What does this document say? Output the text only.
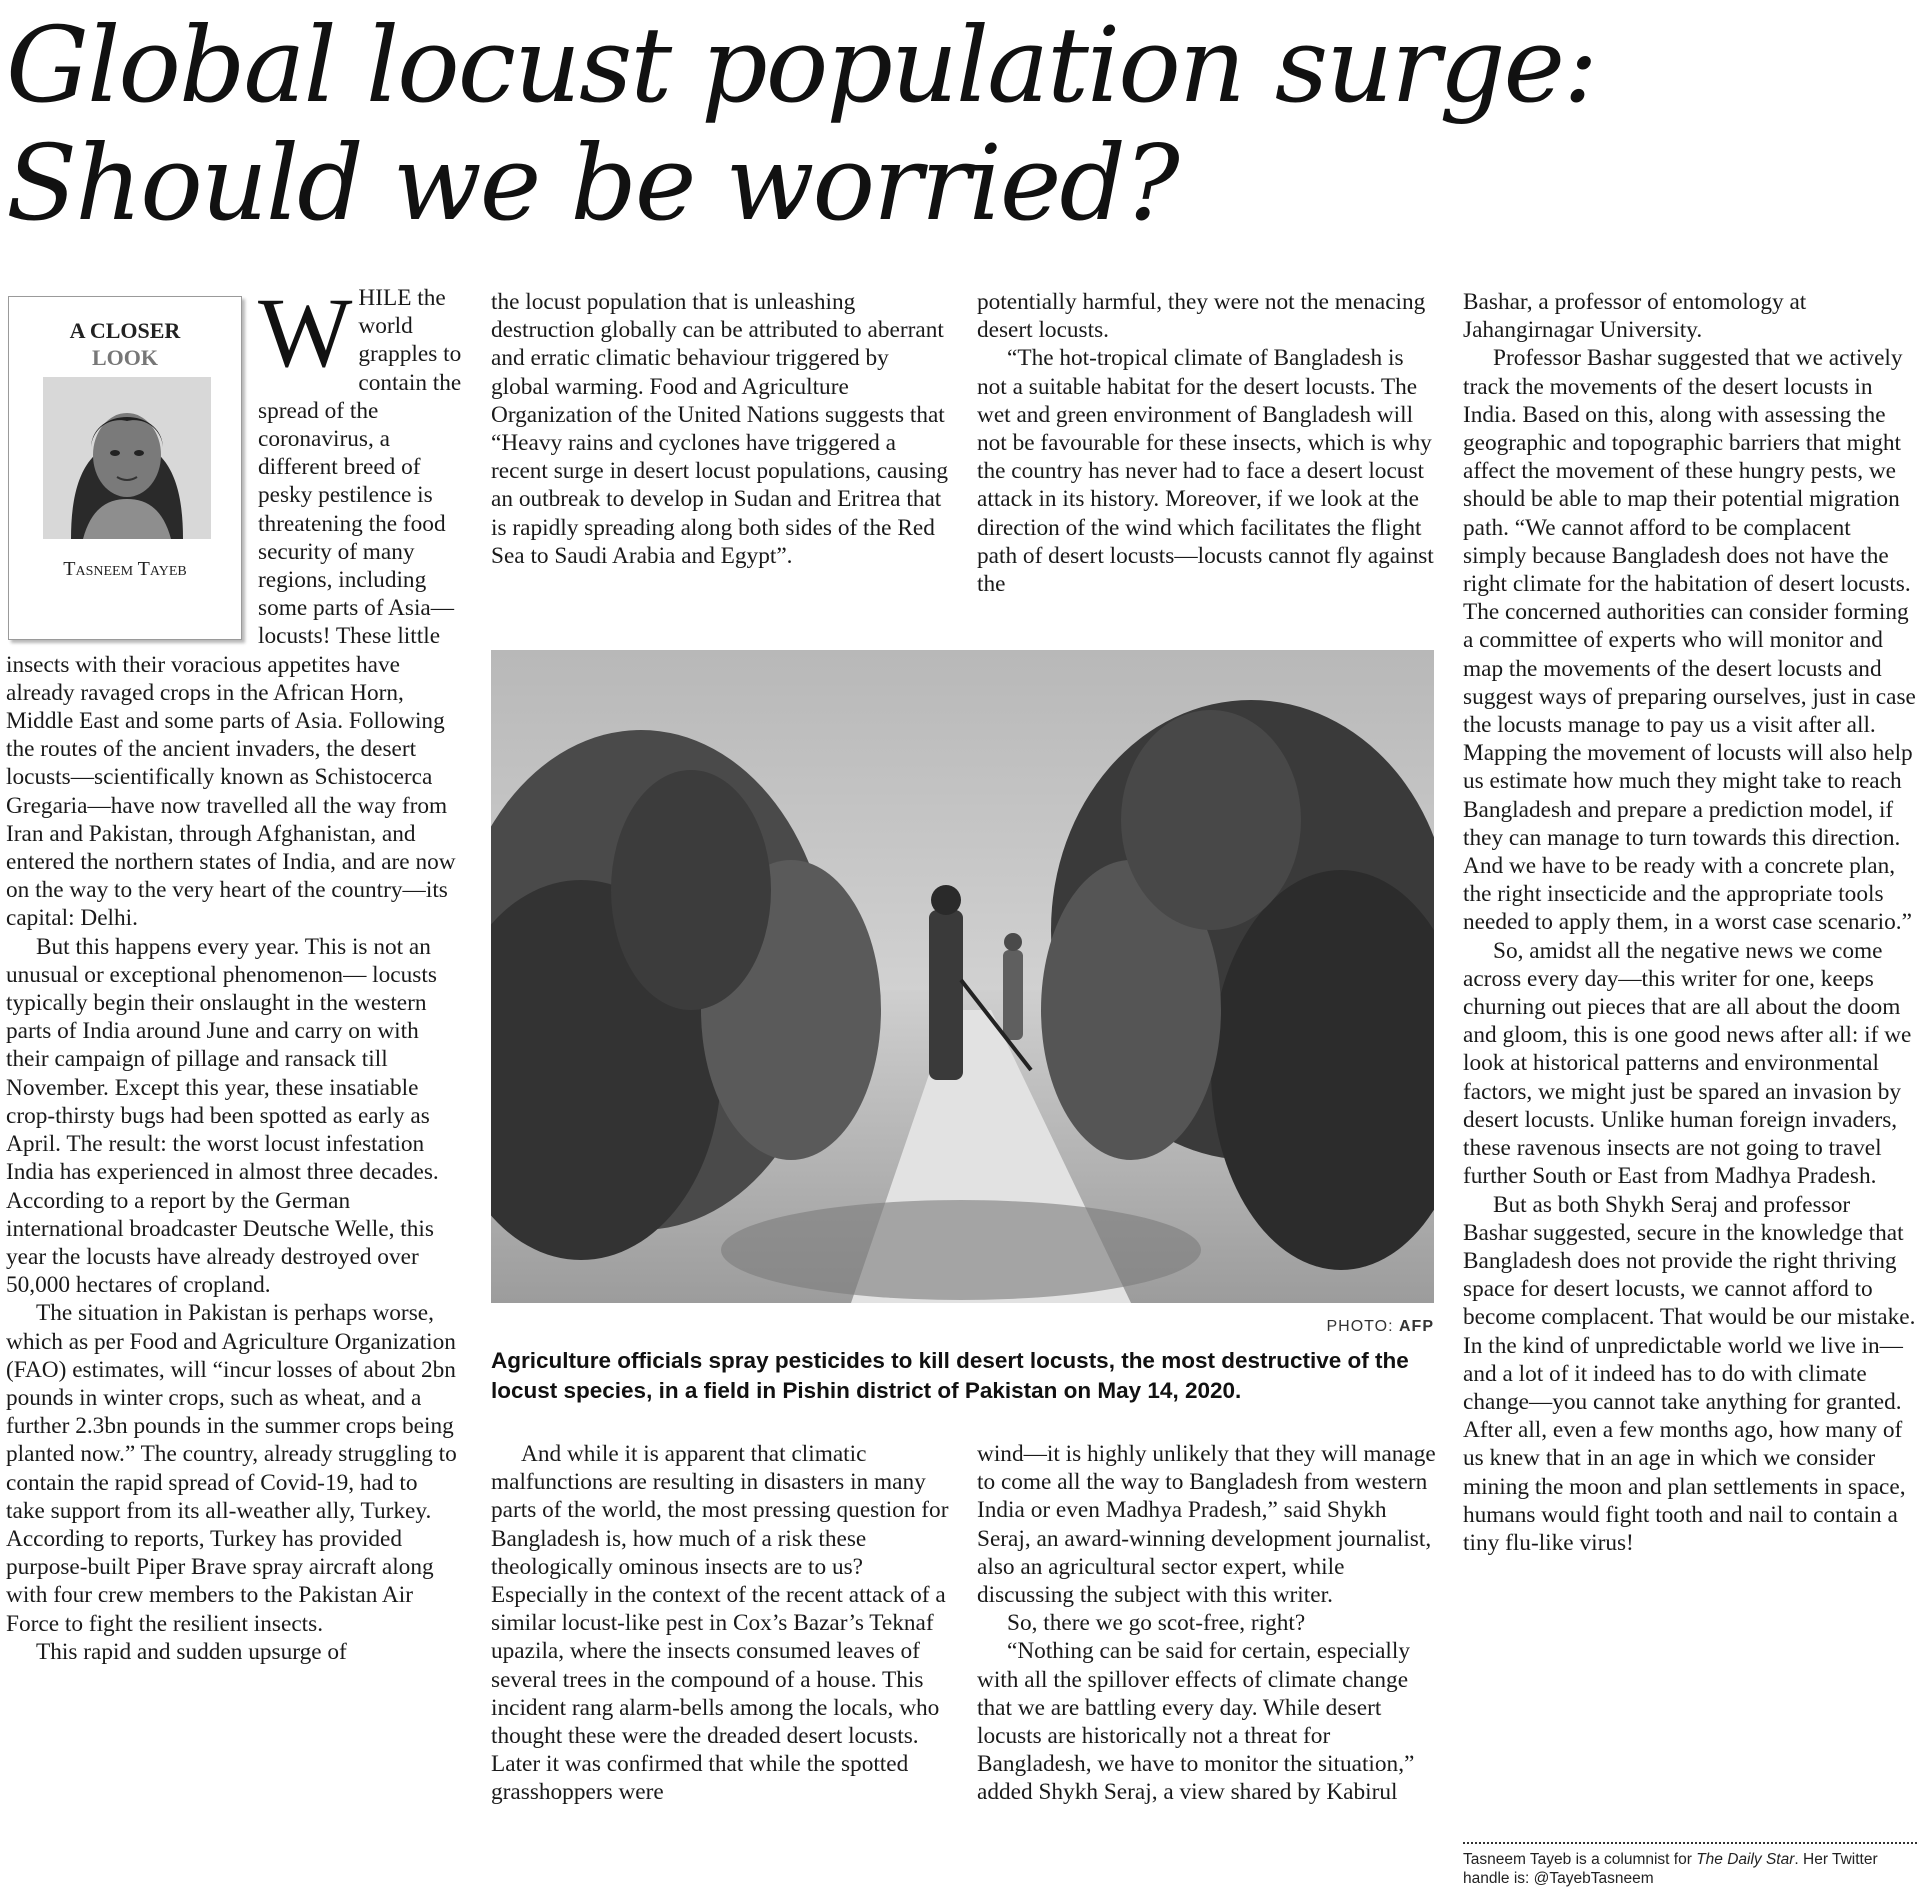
Global locust population surge: Should we be worried?
A CLOSER
LOOK
Tasneem Tayeb

WHILE the world grapples to contain the spread of the coronavirus, a different breed of pesky pestilence is threatening the food security of many regions, including some parts of Asia—locusts! These little insects with their voracious appetites have already ravaged crops in the African Horn, Middle East and some parts of Asia. Following the routes of the ancient invaders, the desert locusts—scientifically known as Schistocerca Gregaria—have now travelled all the way from Iran and Pakistan, through Afghanistan, and entered the northern states of India, and are now on the way to the very heart of the country—its capital: Delhi.

But this happens every year. This is not an unusual or exceptional phenomenon— locusts typically begin their onslaught in the western parts of India around June and carry on with their campaign of pillage and ransack till November. Except this year, these insatiable crop-thirsty bugs had been spotted as early as April. The result: the worst locust infestation India has experienced in almost three decades. According to a report by the German international broadcaster Deutsche Welle, this year the locusts have already destroyed over 50,000 hectares of cropland.

The situation in Pakistan is perhaps worse, which as per Food and Agriculture Organization (FAO) estimates, will “incur losses of about 2bn pounds in winter crops, such as wheat, and a further 2.3bn pounds in the summer crops being planted now.” The country, already struggling to contain the rapid spread of Covid-19, had to take support from its all-weather ally, Turkey. According to reports, Turkey has provided purpose-built Piper Brave spray aircraft along with four crew members to the Pakistan Air Force to fight the resilient insects.

This rapid and sudden upsurge of

the locust population that is unleashing destruction globally can be attributed to aberrant and erratic climatic behaviour triggered by global warming. Food and Agriculture Organization of the United Nations suggests that “Heavy rains and cyclones have triggered a recent surge in desert locust populations, causing an outbreak to develop in Sudan and Eritrea that is rapidly spreading along both sides of the Red Sea to Saudi Arabia and Egypt”.

potentially harmful, they were not the menacing desert locusts.

“The hot-tropical climate of Bangladesh is not a suitable habitat for the desert locusts. The wet and green environment of Bangladesh will not be favourable for these insects, which is why the country has never had to face a desert locust attack in its history. Moreover, if we look at the direction of the wind which facilitates the flight path of desert locusts—locusts cannot fly against the

PHOTO: AFP
Agriculture officials spray pesticides to kill desert locusts, the most destructive of the locust species, in a field in Pishin district of Pakistan on May 14, 2020.

And while it is apparent that climatic malfunctions are resulting in disasters in many parts of the world, the most pressing question for Bangladesh is, how much of a risk these theologically ominous insects are to us? Especially in the context of the recent attack of a similar locust-like pest in Cox’s Bazar’s Teknaf upazila, where the insects consumed leaves of several trees in the compound of a house. This incident rang alarm-bells among the locals, who thought these were the dreaded desert locusts. Later it was confirmed that while the spotted grasshoppers were

wind—it is highly unlikely that they will manage to come all the way to Bangladesh from western India or even Madhya Pradesh,” said Shykh Seraj, an award-winning development journalist, also an agricultural sector expert, while discussing the subject with this writer.

So, there we go scot-free, right?

“Nothing can be said for certain, especially with all the spillover effects of climate change that we are battling every day. While desert locusts are historically not a threat for Bangladesh, we have to monitor the situation,” added Shykh Seraj, a view shared by Kabirul

Bashar, a professor of entomology at Jahangirnagar University.

Professor Bashar suggested that we actively track the movements of the desert locusts in India. Based on this, along with assessing the geographic and topographic barriers that might affect the movement of these hungry pests, we should be able to map their potential migration path. “We cannot afford to be complacent simply because Bangladesh does not have the right climate for the habitation of desert locusts. The concerned authorities can consider forming a committee of experts who will monitor and map the movements of the desert locusts and suggest ways of preparing ourselves, just in case the locusts manage to pay us a visit after all. Mapping the movement of locusts will also help us estimate how much they might take to reach Bangladesh and prepare a prediction model, if they can manage to turn towards this direction. And we have to be ready with a concrete plan, the right insecticide and the appropriate tools needed to apply them, in a worst case scenario.”

So, amidst all the negative news we come across every day—this writer for one, keeps churning out pieces that are all about the doom and gloom, this is one good news after all: if we look at historical patterns and environmental factors, we might just be spared an invasion by desert locusts. Unlike human foreign invaders, these ravenous insects are not going to travel further South or East from Madhya Pradesh.

But as both Shykh Seraj and professor Bashar suggested, secure in the knowledge that Bangladesh does not provide the right thriving space for desert locusts, we cannot afford to become complacent. That would be our mistake. In the kind of unpredictable world we live in—and a lot of it indeed has to do with climate change—you cannot take anything for granted. After all, even a few months ago, how many of us knew that in an age in which we consider mining the moon and plan settlements in space, humans would fight tooth and nail to contain a tiny flu-like virus!

Tasneem Tayeb is a columnist for The Daily Star. Her Twitter handle is: @TayebTasneem
